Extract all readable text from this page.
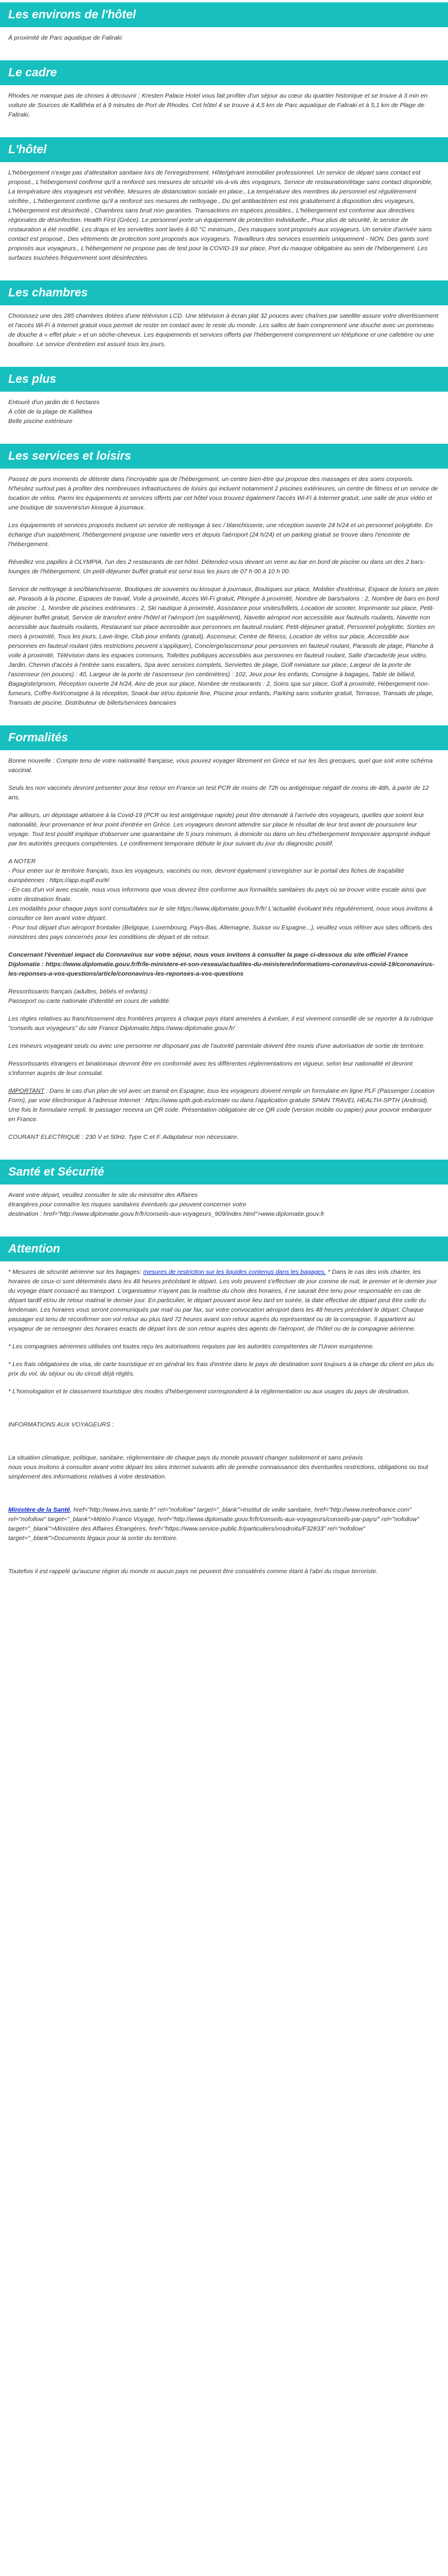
Les environs de l'hôtel

À proximité de Parc aquatique de Faliraki

Le cadre

Rhodes ne manque pas de choses à découvrir ; Kresten Palace Hotel vous fait profiter d'un séjour au cœur du quartier historique et se trouve à 3 min en voiture de Sources de Kallithéa et à 9 minutes de Port de Rhodes. Cet hôtel 4 se trouve à 4,5 km de Parc aquatique de Faliraki et à 5,1 km de Plage de Faliraki.

L'hôtel

L'hébergement n'exige pas d'attestation sanitaire lors de l'enregistrement. Hôte/gérant immobilier professionnel. Un service de départ sans contact est proposé., L'hébergement confirme qu'il a renforcé ses mesures de sécurité vis-à-vis des voyageurs, Service de restauration/étage sans contact disponible, La température des voyageurs est vérifiée, Mesures de distanciation sociale en place., La température des membres du personnel est régulièrement vérifiée., L'hébergement confirme qu'il a renforcé ses mesures de nettoyage., Du gel antibactérien est mis gratuitement à disposition des voyageurs, L'hébergement est désinfecté., Chambres sans bruit non garanties. Transactions en espèces possibles., L'hébergement est conforme aux directives régionales de désinfection. Health First (Grèce). Le personnel porte un équipement de protection individuelle., Pour plus de sécurité, le service de restauration a été modifié. Les draps et les serviettes sont lavés à 60 °C minimum., Des masques sont proposés aux voyageurs. Un service d'arrivée sans contact est proposé., Des vêtements de protection sont proposés aux voyageurs. Travailleurs des services essentiels uniquement - NON. Des gants sont proposés aux voyageurs., L'hébergement ne propose pas de test pour la COVID-19 sur place, Port du masque obligatoire au sein de l'hébergement. Les surfaces touchées fréquemment sont désinfectées.

Les chambres

Choisissez une des 285 chambres dotées d'une télévision LCD. Une télévision à écran plat 32 pouces avec chaînes par satellite assure votre divertissement et l'accès Wi-Fi à Internet gratuit vous permet de rester en contact avec le reste du monde. Les salles de bain comprennent une douche avec un pommeau de douche à « effet pluie » et un sèche-cheveux. Les équipements et services offerts par l'hébergement comprennent un téléphone et une cafetière ou une bouilloire. Le service d'entretien est assuré tous les jours.

Les plus

Entouré d'un jardin de 6 hectares

À côté de la plage de Kallithea

Belle piscine extérieure

Les services et loisirs

Passez de purs moments de détente dans l'incroyable spa de l'hébergement, un centre bien-être qui propose des massages et des soins corporels. N'hésitez surtout pas à profiter des nombreuses infrastructures de loisirs qui incluent notamment 2 piscines extérieures, un centre de fitness et un service de location de vélos. Parmi les équipements et services offerts par cet hôtel vous trouvez également l'accès Wi-Fi à Internet gratuit, une salle de jeux vidéo et une boutique de souvenirs/un kiosque à journaux.

Les équipements et services proposés incluent un service de nettoyage à sec / blanchisserie, une réception ouverte 24 h/24 et un personnel polyglotte. En échange d'un supplément, l'hébergement propose une navette vers et depuis l'aéroport (24 h/24) et un parking gratuit se trouve dans l'enceinte de l'hébergement.

Réveillez vos papilles à OLYMPIA, l'un des 2 restaurants de cet hôtel. Détendez-vous devant un verre au bar en bord de piscine ou dans un des 2 bars-lounges de l'hébergement. Un petit-déjeuner buffet gratuit est servi tous les jours de 07 h 00 à 10 h 00.

Service de nettoyage à sec/blanchisserie, Boutiques de souvenirs ou kiosque à journaux, Boutiques sur place, Mobilier d'extérieur, Espace de loisirs en plein air, Parasols à la piscine, Espaces de travail, Voile à proximité, Accès Wi-Fi gratuit, Plongée à proximité, Nombre de bars/salons : 2, Nombre de bars en bord de piscine : 1, Nombre de piscines extérieures : 2, Ski nautique à proximité, Assistance pour visites/billets, Location de scooter, Imprimante sur place, Petit-déjeuner buffet gratuit, Service de transfert entre l'hôtel et l'aéroport (en supplément), Navette aéroport non accessible aux fauteuils roulants, Navette non accessible aux fauteuils roulants, Restaurant sur place accessible aux personnes en fauteuil roulant, Petit-déjeuner gratuit, Personnel polyglotte, Sorties en mers à proximité, Tous les jours, Lave-linge, Club pour enfants (gratuit), Ascenseur, Centre de fitness, Location de vélos sur place, Accessible aux personnes en fauteuil roulant (des restrictions peuvent s'appliquer), Concierge/ascenseur pour personnes en fauteuil roulant, Parasols de plage, Planche à voile à proximité, Télévision dans les espaces communs, Toilettes publiques accessibles aux personnes en fauteuil roulant, Salle d'arcade/de jeux vidéo, Jardin, Chemin d'accès à l'entrée sans escaliers, Spa avec services complets, Serviettes de plage, Golf miniature sur place, Largeur de la porte de l'ascenseur (en pouces) : 40, Largeur de la porte de l'ascenseur (en centimètres) : 102, Jeux pour les enfants, Consigne à bagages, Table de billard, Bagagiste/groom, Réception ouverte 24 h/24, Aire de jeux sur place, Nombre de restaurants : 2, Soins spa sur place, Golf à proximité, Hébergement non-fumeurs, Coffre-fort/consigne à la réception, Snack-bar et/ou épicerie fine, Piscine pour enfants, Parking sans voiturier gratuit, Terrasse, Transats de plage, Transats de piscine, Distributeur de billets/services bancaires

Formalités

Bonne nouvelle : Compte tenu de votre nationalité française, vous pouvez voyager librement en Grèce et sur les îles grecques, quel que soit votre schéma vaccinal.

Seuls les non vaccinés devront présenter pour leur retour en France un test PCR de moins de 72h ou antigénique négatif de moins de 48h, à partir de 12 ans.

Par ailleurs, un dépistage aléatoire à la Covid-19 (PCR ou test antigénique rapide) peut être demandé à l'arrivée des voyageurs, quelles que soient leur nationalité, leur provenance et leur point d'entrée en Grèce. Les voyageurs devront attendre sur place le résultat de leur test avant de poursuivre leur voyage. Tout test positif implique d'observer une quarantaine de 5 jours minimum, à domicile ou dans un lieu d'hébergement temporaire approprié indiqué par les autorités grecques compétentes. Le confinement temporaire débute le jour suivant du jour du diagnostic positif.

A NOTER

- Pour entrer sur le territoire français, tous les voyageurs, vaccinés ou non, devront également s'enregistrer sur le portail des fiches de traçabilité européennes : https://app.euplf.eu/#/

- En cas d'un vol avec escale, nous vous informons que vous devrez être conforme aux formalités sanitaires du pays où se trouve votre escale ainsi que votre destination finale.

Les modalités pour chaque pays sont consultables sur le site https://www.diplomatie.gouv.fr/fr/ L'actualité évoluant très régulièrement, nous vous invitons à consulter ce lien avant votre départ.

- Pour tout départ d'un aéroport frontalier (Belgique, Luxembourg, Pays-Bas, Allemagne, Suisse ou Espagne...), veuillez vous référer aux sites officiels des ministères des pays concernés pour les conditions de départ et de retour.

Concernant l'éventuel impact du Coronavirus sur votre séjour, nous vous invitons à consulter la page ci-dessous du site officiel France Diplomatie : https://www.diplomatie.gouv.fr/fr/le-ministere-et-son-reseau/actualites-du-ministere/informations-coronavirus-covid-19/coronavirus-les-reponses-a-vos-questions/article/coronavirus-les-reponses-a-vos-questions

Ressortissants français (adultes, bébés et enfants) :

Passeport ou carte nationale d'identité en cours de validité.

Les règles relatives au franchissement des frontières propres à chaque pays étant amenées à évoluer, il est vivement conseillé de se reporter à la rubrique "conseils aux voyageurs" du site France Diplomatie,https://www.diplomatie.gouv.fr/ :

Les mineurs voyageant seuls ou avec une personne ne disposant pas de l'autorité parentale doivent être munis d'une autorisation de sortie de territoire.

Ressortissants étrangers et binationaux devront être en conformité avec les différentes réglementations en vigueur, selon leur nationalité et devront s'informer auprès de leur consulat.

IMPORTANT : Dans le cas d'un plan de vol avec un transit en Espagne, tous les voyageurs doivent remplir un formulaire en ligne PLF (Passenger Location Form), par voie électronique à l'adresse Internet : https://www.spth.gob.es/create ou dans l'application gratuite SPAIN TRAVEL HEALTH-SPTH (Android). Une fois le formulaire rempli, le passager recevra un QR code. Présentation obligatoire de ce QR code (version mobile ou papier) pour pouvoir embarquer en France.

COURANT ELECTRIQUE : 230 V et 50Hz. Type C et F. Adaptateur non nécessaire.

Santé et Sécurité

Avant votre départ, veuillez consulter le site du ministère des Affaires

étrangères pour connaître les risques sanitaires éventuels qui peuvent concerner votre

destination : href="http://www.diplomatie.gouv.fr/fr/conseils-aux-voyageurs_909/index.html">www.diplomatie.gouv.fr

Attention

* Mesures de sécurité aérienne sur les bagages: mesures de restriction sur les liquides contenus dans les bagages. * Dans le cas des vols charter, les horaires de ceux-ci sont déterminés dans les 48 heures précédant le départ. Les vols peuvent s'effectuer de jour comme de nuit, le premier et le dernier jour du voyage étant consacré au transport. L'organisateur n'ayant pas la maîtrise du choix des horaires, il ne saurait être tenu pour responsable en cas de départ tardif et/ou de retour matinal le dernier jour. En particulier, le départ pouvant avoir lieu tard en soirée, la date effective de départ peut être celle du lendemain. Les horaires vous seront communiqués par mail ou par fax, sur votre convocation aéroport dans les 48 heures précédant le départ. Chaque passager est tenu de reconfirmer son vol retour au plus tard 72 heures avant son retour auprès du représentant ou de la compagnie. Il appartient au voyageur de se renseigner des horaires exacts de départ lors de son retour auprès des agents de l'aéroport, de l'hôtel ou de la compagnie aérienne.

* Les compagnies aériennes utilisées ont toutes reçu les autorisations requises par les autorités compétentes de l'Union européenne.

* Les frais obligatoires de visa, de carte touristique et en général les frais d'entrée dans le pays de destination sont toujours à la charge du client en plus du prix du vol, du séjour ou du circuit déjà réglés.

* L'homologation et le classement touristique des modes d'hébergement correspondent à la réglementation ou aux usages du pays de destination.

INFORMATIONS AUX VOYAGEURS :

La situation climatique, politique, sanitaire, réglementaire de chaque pays du monde pouvant changer subitement et sans préavis

nous vous invitons à consulter avant votre départ les sites Internet suivants afin de prendre connaissance des éventuelles restrictions, obligations ou tout simplement des informations relatives à votre destination.

Ministère de la Santé, href="http://www.invs.sante.fr" rel="nofollow" target="_blank">Institut de veille sanitaire, href="http://www.meteofrance.com" rel="nofollow" target="_blank">Météo France Voyage, href="http://www.diplomatie.gouv.fr/fr/conseils-aux-voyageurs/conseils-par-pays/" rel="nofollow" target="_blank">Ministère des Affaires Étrangères, href="https://www.service-public.fr/particuliers/vosdroits/F32833" rel="nofollow" target="_blank">Documents légaux pour la sortie du territoire.

Toutefois il est rappelé qu'aucune région du monde ni aucun pays ne peuvent être considérés comme étant à l'abri du risque terroriste.
